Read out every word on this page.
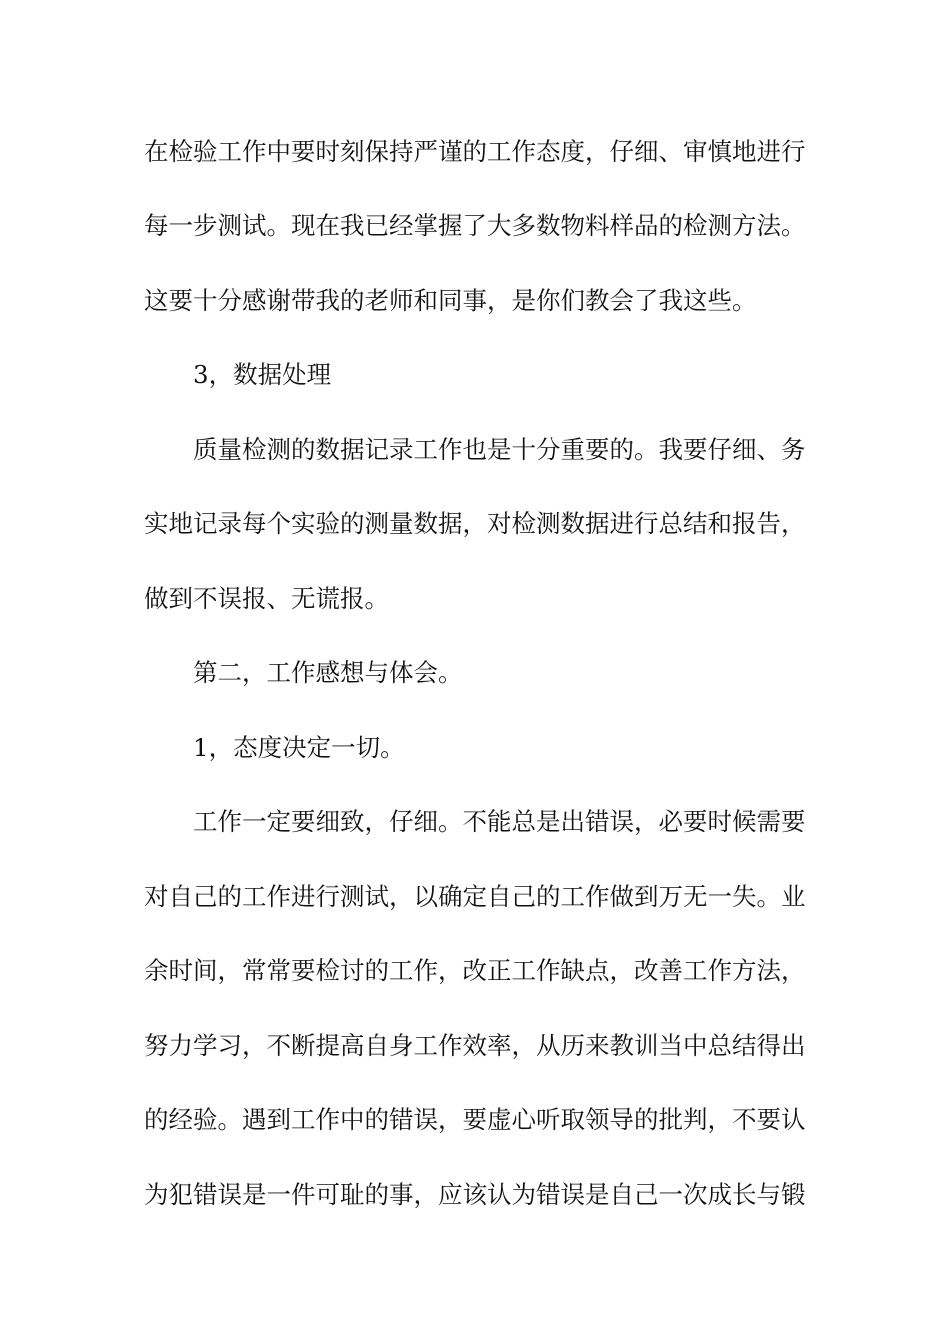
在检验工作中要时刻保持严谨的工作态度，仔细、审慎地进行
每一步测试。现在我已经掌握了大多数物料样品的检测方法。
这要十分感谢带我的老师和同事，是你们教会了我这些。
3，数据处理
质量检测的数据记录工作也是十分重要的。我要仔细、务
实地记录每个实验的测量数据，对检测数据进行总结和报告，
做到不误报、无谎报。
第二，工作感想与体会。
1，态度决定一切。
工作一定要细致，仔细。不能总是出错误，必要时候需要
对自己的工作进行测试，以确定自己的工作做到万无一失。业
余时间，常常要检讨的工作，改正工作缺点，改善工作方法，
努力学习，不断提高自身工作效率，从历来教训当中总结得出
的经验。遇到工作中的错误，要虚心听取领导的批判，不要认
为犯错误是一件可耻的事，应该认为错误是自己一次成长与锻
